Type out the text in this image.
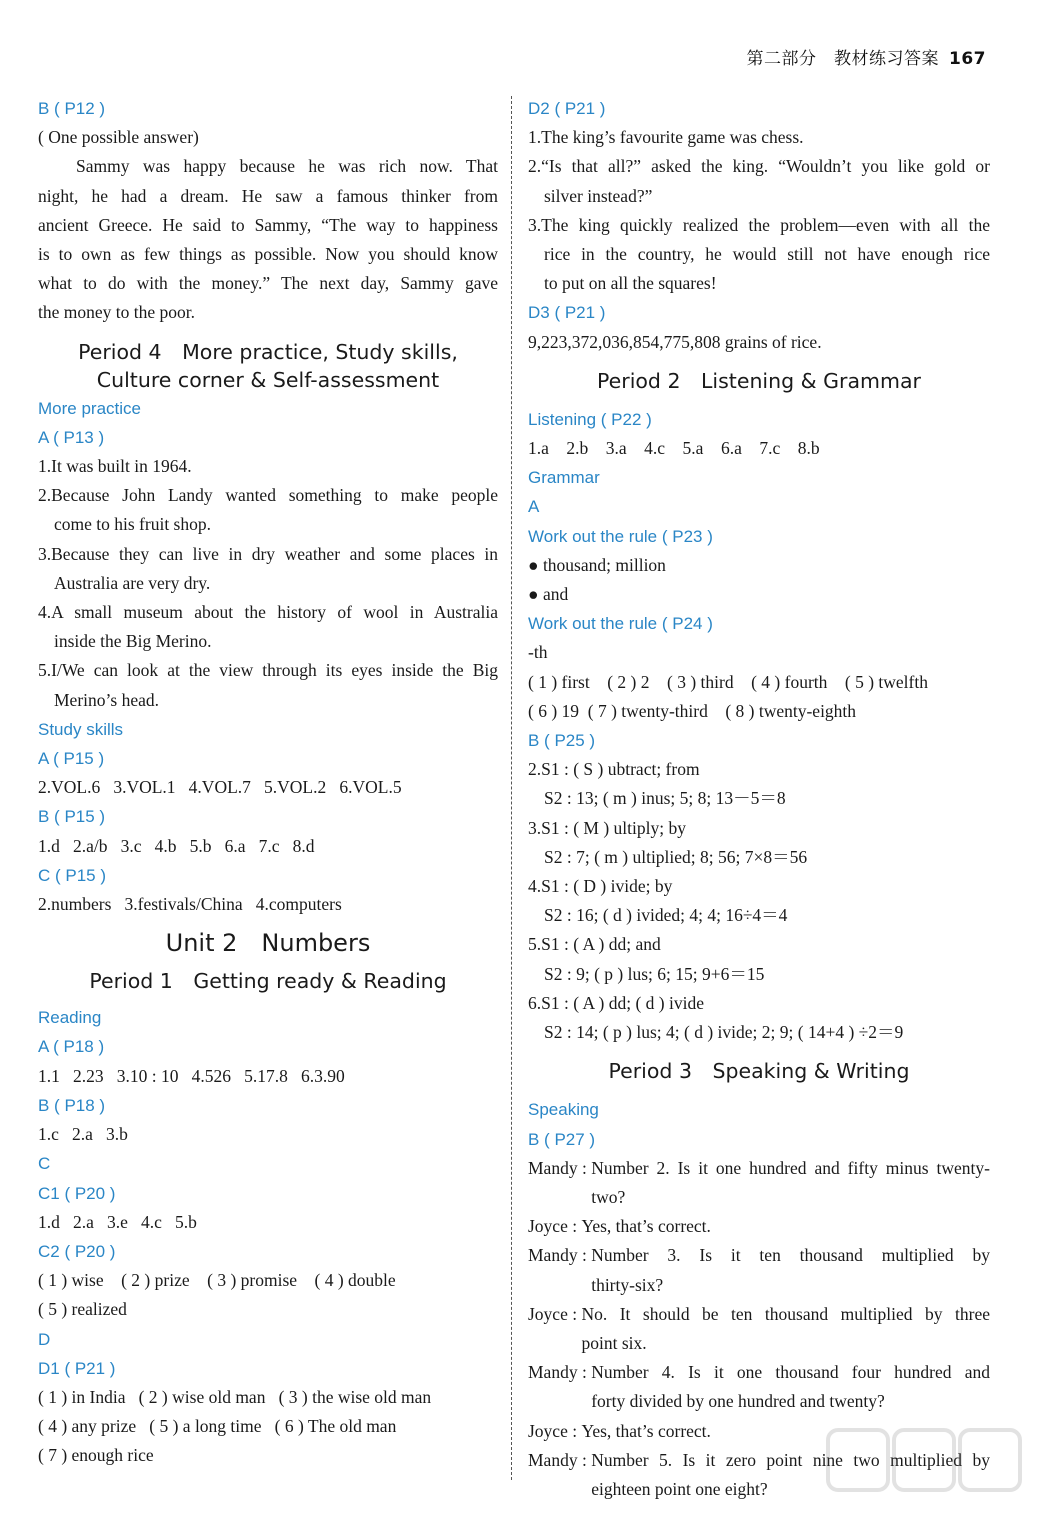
第二部分　教材练习答案 167
B ( P12 )
( One possible answer)
Sammy was happy because he was rich now. That
night, he had a dream. He saw a famous thinker from
ancient Greece. He said to Sammy, “The way to happiness
is to own as few things as possible. Now you should know
what to do with the money.” The next day, Sammy gave
the money to the poor.
Period 4　More practice, Study skills,
Culture corner & Self-assessment
More practice
A ( P13 )
1.It was built in 1964.
2.Because John Landy wanted something to make people
come to his fruit shop.
3.Because they can live in dry weather and some places in
Australia are very dry.
4.A small museum about the history of wool in Australia
inside the Big Merino.
5.I/We can look at the view through its eyes inside the Big
Merino’s head.
Study skills
A ( P15 )
2.VOL.6   3.VOL.1   4.VOL.7   5.VOL.2   6.VOL.5
B ( P15 )
1.d   2.a/b   3.c   4.b   5.b   6.a   7.c   8.d
C ( P15 )
2.numbers   3.festivals/China   4.computers
Unit 2　Numbers
Period 1　Getting ready & Reading
Reading
A ( P18 )
1.1   2.23   3.10 : 10   4.526   5.17.8   6.3.90
B ( P18 )
1.c   2.a   3.b
C
C1 ( P20 )
1.d   2.a   3.e   4.c   5.b
C2 ( P20 )
( 1 ) wise    ( 2 ) prize    ( 3 ) promise    ( 4 ) double
( 5 ) realized
D
D1 ( P21 )
( 1 ) in India   ( 2 ) wise old man   ( 3 ) the wise old man
( 4 ) any prize   ( 5 ) a long time   ( 6 ) The old man
( 7 ) enough rice
D2 ( P21 )
1.The king’s favourite game was chess.
2.“Is that all?” asked the king. “Wouldn’t you like gold or
silver instead?”
3.The king quickly realized the problem—even with all the
rice in the country, he would still not have enough rice
to put on all the squares!
D3 ( P21 )
9,223,372,036,854,775,808 grains of rice.
Period 2　Listening & Grammar
Listening ( P22 )
1.a    2.b    3.a    4.c    5.a    6.a    7.c    8.b
Grammar
A
Work out the rule ( P23 )
● thousand; million
● and
Work out the rule ( P24 )
-th
( 1 ) first    ( 2 ) 2    ( 3 ) third    ( 4 ) fourth    ( 5 ) twelfth
( 6 ) 19  ( 7 ) twenty-third    ( 8 ) twenty-eighth
B ( P25 )
2.S1 : ( S ) ubtract; from
S2 : 13; ( m ) inus; 5; 8; 13－5＝8
3.S1 : ( M ) ultiply; by
S2 : 7; ( m ) ultiplied; 8; 56; 7×8＝56
4.S1 : ( D ) ivide; by
S2 : 16; ( d ) ivided; 4; 4; 16÷4＝4
5.S1 : ( A ) dd; and
S2 : 9; ( p ) lus; 6; 15; 9+6＝15
6.S1 : ( A ) dd; ( d ) ivide
S2 : 14; ( p ) lus; 4; ( d ) ivide; 2; 9; ( 14+4 ) ÷2＝9
Period 3　Speaking & Writing
Speaking
B ( P27 )
Mandy : Number 2. Is it one hundred and fifty minus twenty-two?
Joyce : Yes, that’s correct.
Mandy : Number 3. Is it ten thousand multiplied by
thirty-six?
Joyce : No. It should be ten thousand multiplied by three
point six.
Mandy : Number 4. Is it one thousand four hundred and
forty divided by one hundred and twenty?
Joyce : Yes, that’s correct.
Mandy : Number 5. Is it zero point nine two multiplied by
eighteen point one eight?
